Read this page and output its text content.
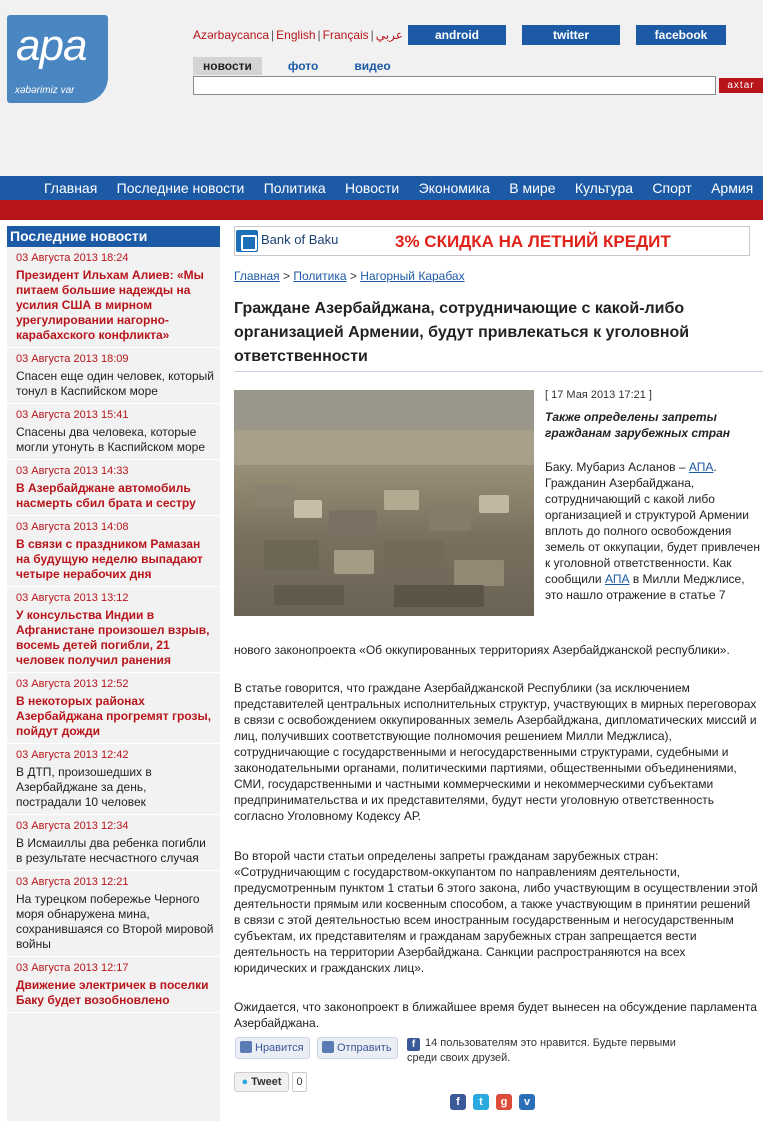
apa
xəbərimiz var
Azərbaycanca | English | Français | عربي	android	twitter	facebook
новости	фото	видео
axtar
Главная Последние новости Политика Новости Экономика В мире Культура Спорт Армия
Последние новости
03 Августа 2013 18:24
Президент Ильхам Алиев: «Мы питаем большие надежды на усилия США в мирном урегулировании нагорно-карабахского конфликта»
03 Августа 2013 18:09
Спасен еще один человек, который тонул в Каспийском море
03 Августа 2013 15:41
Спасены два человека, которые могли утонуть в Каспийском море
03 Августа 2013 14:33
В Азербайджане автомобиль насмерть сбил брата и сестру
03 Августа 2013 14:08
В связи с праздником Рамазан на будущую неделю выпадают четыре нерабочих дня
03 Августа 2013 13:12
У консульства Индии в Афганистане произошел взрыв, восемь детей погибли, 21 человек получил ранения
03 Августа 2013 12:52
В некоторых районах Азербайджана прогремят грозы, пойдут дожди
03 Августа 2013 12:42
В ДТП, произошедших в Азербайджане за день, пострадали 10 человек
03 Августа 2013 12:34
В Исмаиллы два ребенка погибли в результате несчастного случая
03 Августа 2013 12:21
На турецком побережье Черного моря обнаружена мина, сохранившаяся со Второй мировой войны
03 Августа 2013 12:17
Движение электричек в поселки Баку будет возобновлено
Bank of Baku	3% СКИДКА НА ЛЕТНИЙ КРЕДИТ
Главная > Политика > Нагорный Карабах
Граждане Азербайджана, сотрудничающие с какой-либо организацией Армении, будут привлекаться к уголовной ответственности
[ 17 Мая 2013 17:21 ]
Также определены запреты гражданам зарубежных стран
Баку. Мубариз Асланов – АПА. Гражданин Азербайджана, сотрудничающий с какой либо организацией и структурой Армении вплоть до полного освобождения земель от оккупации, будет привлечен к уголовной ответственности. Как сообщили АПА в Милли Меджлисе, это нашло отражение в статье 7
нового законопроекта «Об оккупированных территориях Азербайджанской республики».
В статье говорится, что граждане Азербайджанской Республики (за исключением представителей центральных исполнительных структур, участвующих в мирных переговорах в связи с освобождением оккупированных земель Азербайджана, дипломатических миссий и лиц, получивших соответствующие полномочия решением Милли Меджлиса), сотрудничающие с государственными и негосударственными структурами, судебными и законодательными органами, политическими партиями, общественными объединениями, СМИ, государственными и частными коммерческими и некоммерческими субъектами предпринимательства и их представителями, будут нести уголовную ответственность согласно Уголовному Кодексу АР.
Во второй части статьи определены запреты гражданам зарубежных стран: «Сотрудничающим с государством-оккупантом по направлениям деятельности, предусмотренным пунктом 1 статьи 6 этого закона, либо участвующим в осуществлении этой деятельности прямым или косвенным способом, а также участвующим в принятии решений в связи с этой деятельностью всем иностранным государственным и негосударственным субъектам, их представителям и гражданам зарубежных стран запрещается вести деятельность на территории Азербайджана. Санкции распространяются на всех юридических и гражданских лиц».
Ожидается, что законопроект в ближайшее время будет вынесен на обсуждение парламента Азербайджана.
Нравится	Отправить	f 14 пользователям это нравится. Будьте первыми среди своих друзей.
● Tweet	0
f	t	g	v
